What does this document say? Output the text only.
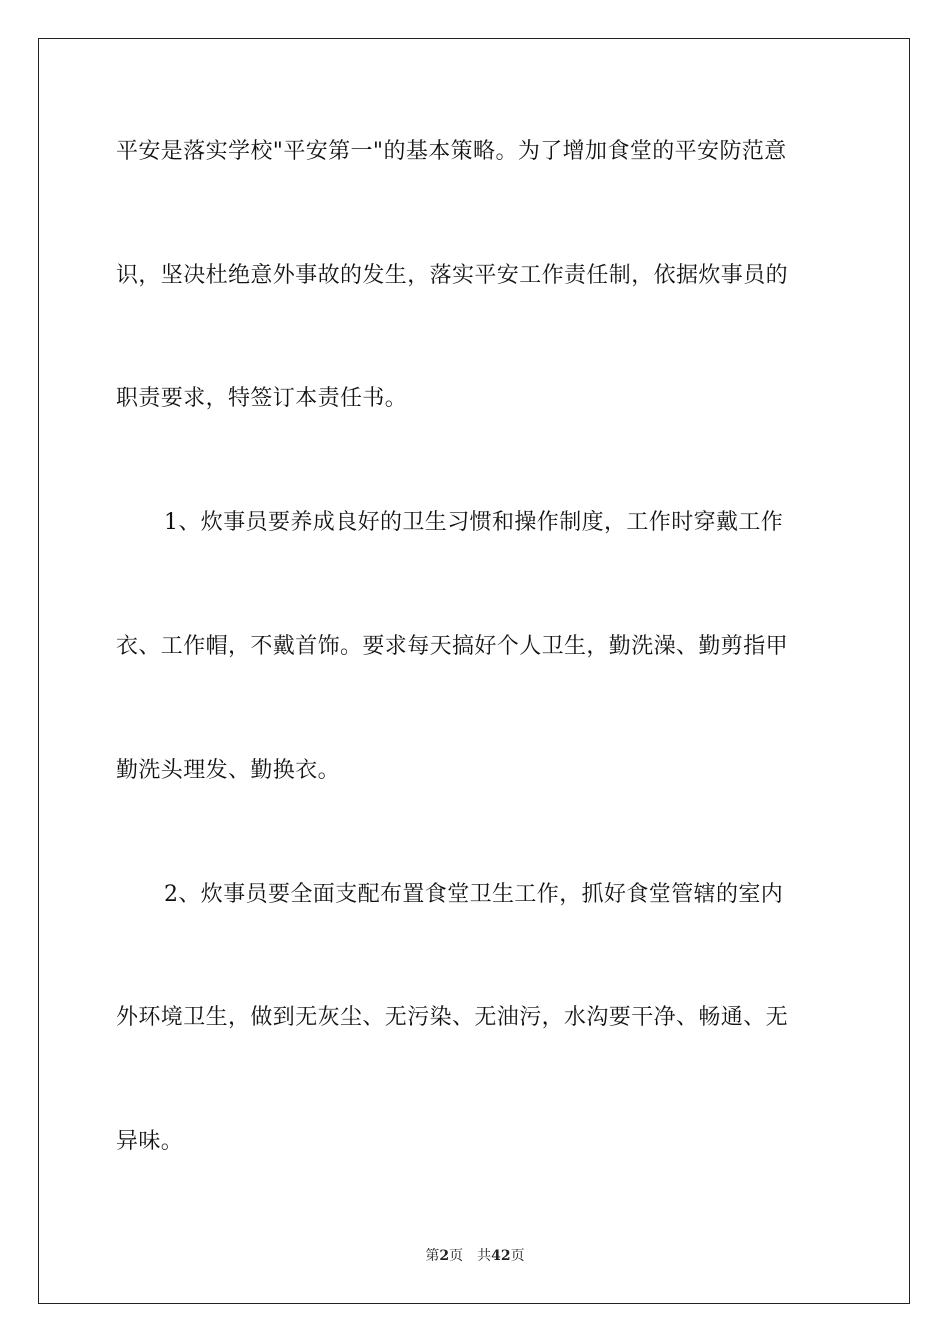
平安是落实学校"平安第一"的基本策略。为了增加食堂的平安防范意
识，坚决杜绝意外事故的发生，落实平安工作责任制，依据炊事员的
职责要求，特签订本责任书。
1、炊事员要养成良好的卫生习惯和操作制度，工作时穿戴工作
衣、工作帽，不戴首饰。要求每天搞好个人卫生，勤洗澡、勤剪指甲
勤洗头理发、勤换衣。
2、炊事员要全面支配布置食堂卫生工作，抓好食堂管辖的室内
外环境卫生，做到无灰尘、无污染、无油污，水沟要干净、畅通、无
异味。
第2页 共42页
